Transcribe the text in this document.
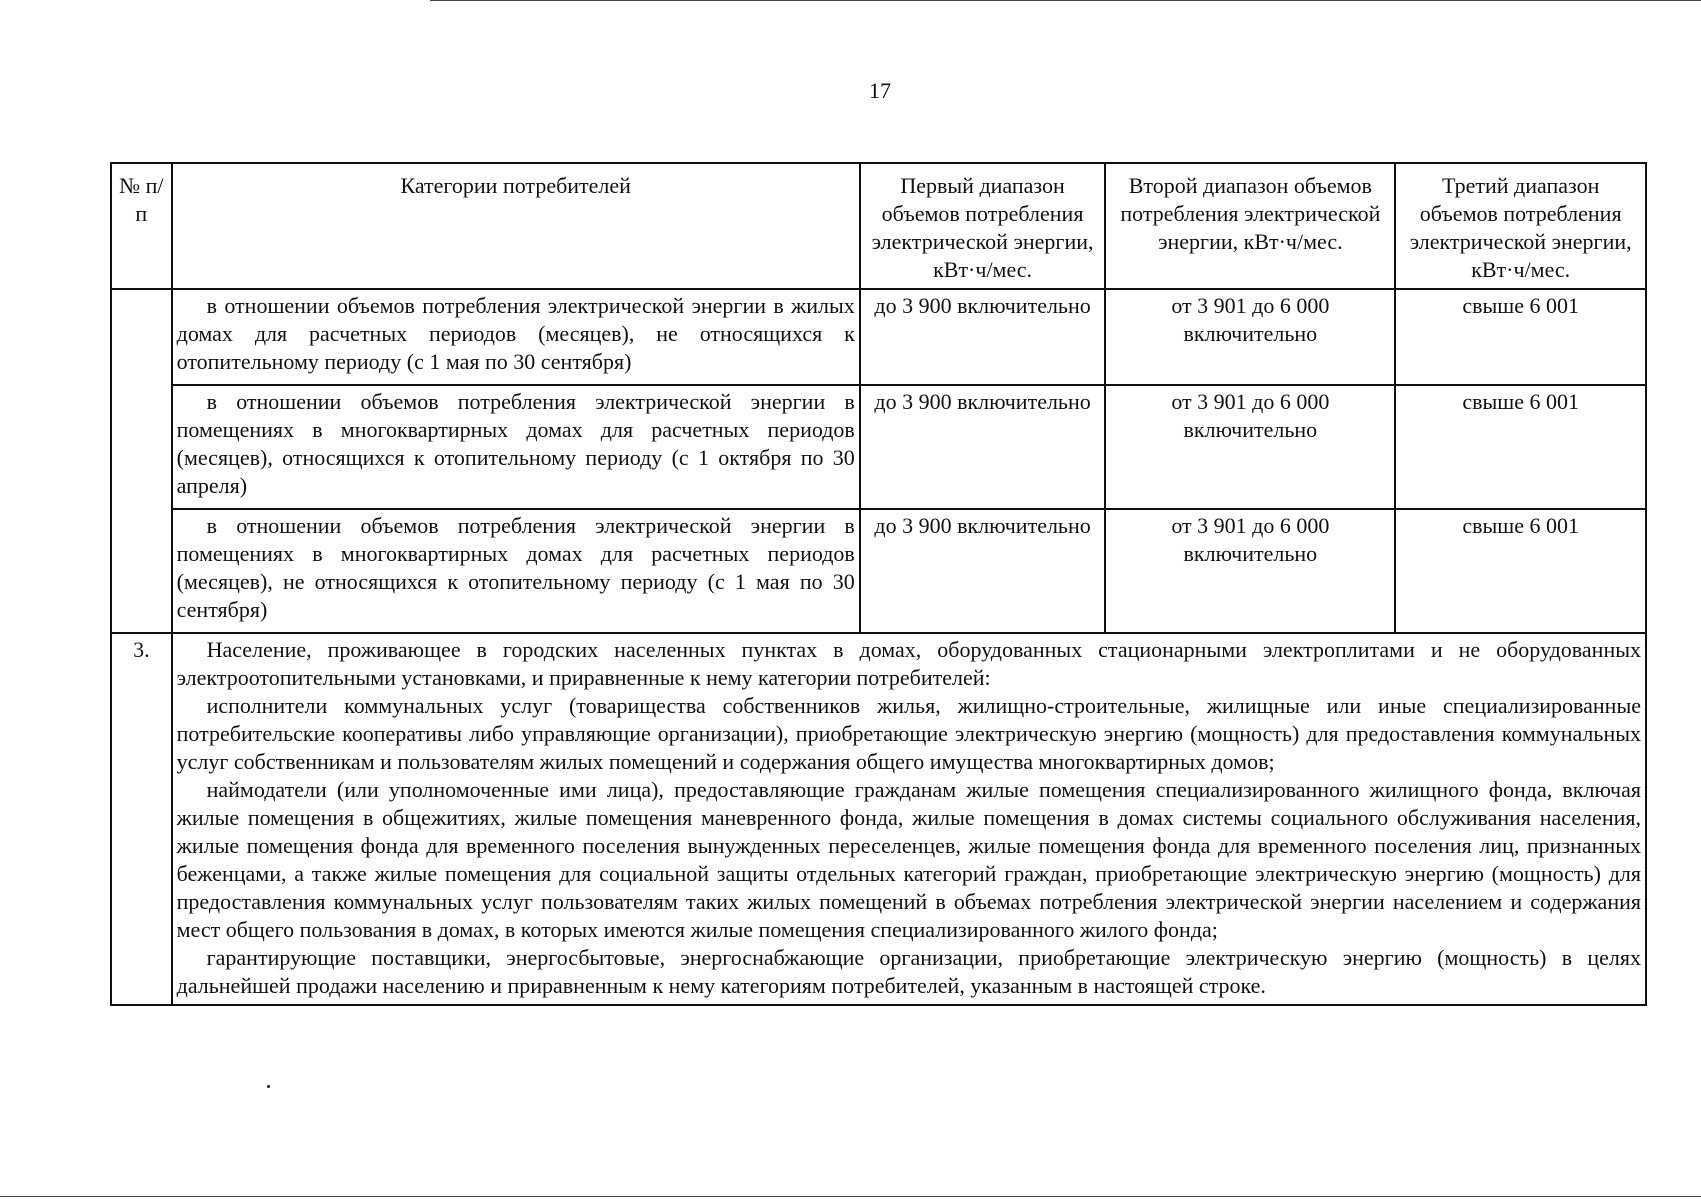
17
№ п/п	Категории потребителей	Первый диапазон объемов потребления электрической энергии, кВт·ч/мес.	Второй диапазон объемов потребления электрической энергии, кВт·ч/мес.	Третий диапазон объемов потребления электрической энергии, кВт·ч/мес.
	в отношении объемов потребления электрической энергии в жилых домах для расчетных периодов (месяцев), не относящихся к отопительному периоду (с 1 мая по 30 сентября)	до 3 900 включительно	от 3 901 до 6 000 включительно	свыше 6 001
	в отношении объемов потребления электрической энергии в помещениях в многоквартирных домах для расчетных периодов (месяцев), относящихся к отопительному периоду (с 1 октября по 30 апреля)	до 3 900 включительно	от 3 901 до 6 000 включительно	свыше 6 001
	в отношении объемов потребления электрической энергии в помещениях в многоквартирных домах для расчетных периодов (месяцев), не относящихся к отопительному периоду (с 1 мая по 30 сентября)	до 3 900 включительно	от 3 901 до 6 000 включительно	свыше 6 001
3.	Население, проживающее в городских населенных пунктах в домах, оборудованных стационарными электроплитами и не оборудованных электроотопительными установками, и приравненные к нему категории потребителей:

исполнители коммунальных услуг (товарищества собственников жилья, жилищно-строительные, жилищные или иные специализированные потребительские кооперативы либо управляющие организации), приобретающие электрическую энергию (мощность) для предоставления коммунальных услуг собственникам и пользователям жилых помещений и содержания общего имущества многоквартирных домов;

наймодатели (или уполномоченные ими лица), предоставляющие гражданам жилые помещения специализированного жилищного фонда, включая жилые помещения в общежитиях, жилые помещения маневренного фонда, жилые помещения в домах системы социального обслуживания населения, жилые помещения фонда для временного поселения вынужденных переселенцев, жилые помещения фонда для временного поселения лиц, признанных беженцами, а также жилые помещения для социальной защиты отдельных категорий граждан, приобретающие электрическую энергию (мощность) для предоставления коммунальных услуг пользователям таких жилых помещений в объемах потребления электрической энергии населением и содержания мест общего пользования в домах, в которых имеются жилые помещения специализированного жилого фонда;

гарантирующие поставщики, энергосбытовые, энергоснабжающие организации, приобретающие электрическую энергию (мощность) в целях дальнейшей продажи населению и приравненным к нему категориям потребителей, указанным в настоящей строке.			
